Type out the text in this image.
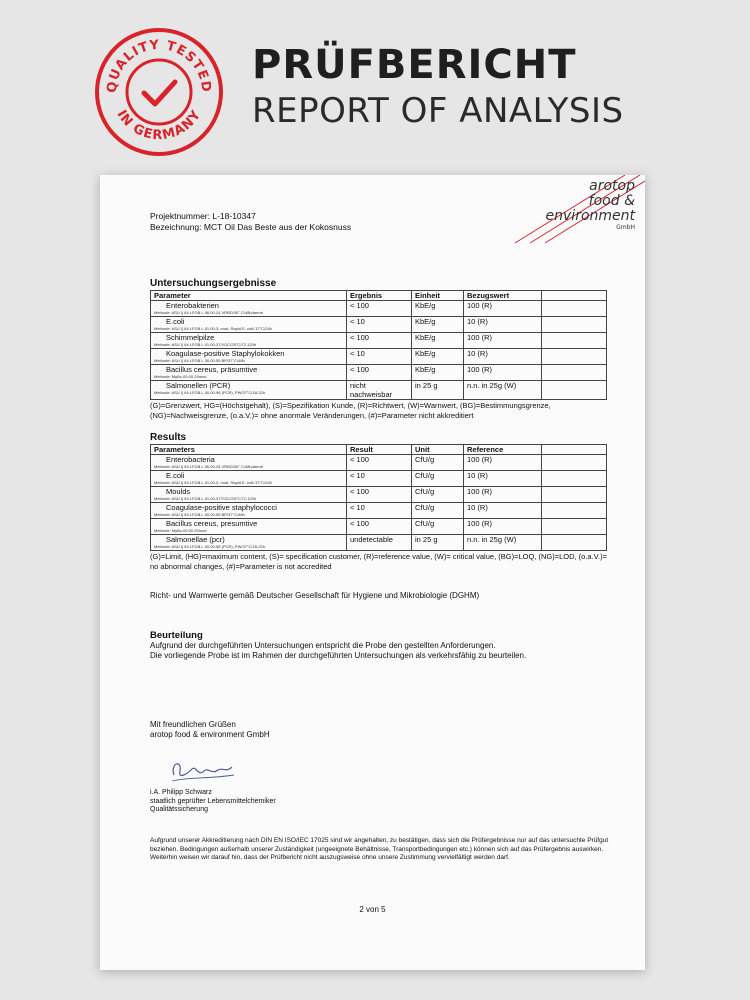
QUALITY TESTED
IN GERMANY
PRÜFBERICHT
REPORT OF ANALYSIS
arotop
food &
environment
GmbH
Projektnummer: L-18-10347
Bezeichnung: MCT Oil Das Beste aus der Kokosnuss
Untersuchungsergebnisse
Parameter	Ergebnis	Einheit	Bezugswert	

Enterobakterien
Methode: ASU § 64 LFGB L.06.00-24 VRBD/30° C/48h/aerob	< 100	KbE/g	100 (R)	

E.coli
Methode: ASU § 64 LFGB L.01.00-3, mod. Rapid E. coli/ 37°C/24h	< 10	KbE/g	10 (R)	

Schimmelpilze
Methode: ASU § 64 LFGB L.01.00-37/YGC/25°C/72-120h	< 100	KbE/g	100 (R)	

Koagulase-positive Staphylokokken
Methode: ASU § 64 LFGB L.00.00-55 BP/37°C/48h	< 10	KbE/g	10 (R)	

Bacillus cereus, präsumtive
Methode: MyBc-00.00.25mod	< 100	KbE/g	100 (R)	

Salmonellen (PCR)
Methode: ASU § 64 LFGB L.00.00-98 (PCR), PW/37°C/18-22h	nicht nachweisbar	in 25 g	n.n. in 25g (W)	
(G)=Grenzwert, HG=(Höchstgehalt), (S)=Spezifikation Kunde, (R)=Richtwert, (W)=Warnwert, (BG)=Bestimmungsgrenze, (NG)=Nachweisgrenze, (o.a.V.)= ohne anormale Veränderungen, (#)=Parameter nicht akkreditiert
Results
Parameters	Result	Unit	Reference	

Enterobacteria
Methode: ASU § 64 LFGB L.06.00-24 VRBD/30° C/48h/aerob	< 100	CfU/g	100 (R)	

E.coli
Methode: ASU § 64 LFGB L.01.00-3, mod. Rapid E. coli/ 37°C/24h	< 10	CfU/g	10 (R)	

Moulds
Methode: ASU § 64 LFGB L.01.00-37/YGC/25°C/72-120h	< 100	CfU/g	100 (R)	

Coagulase-positive staphylococci
Methode: ASU § 64 LFGB L.00.00-55 BP/37°C/48h	< 10	CfU/g	10 (R)	

Bacillus cereus, presumtive
Methode: MyBc-00.00.25mod	< 100	CfU/g	100 (R)	

Salmonellae (pcr)
Methode: ASU § 64 LFGB L.00.00-98 (PCR), PW/37°C/18-22h	undetectable	in 25 g	n.n. in 25g (W)	
(G)=Limit, (HG)=maximum content, (S)= specification customer, (R)=reference value, (W)= critical value, (BG)=LOQ, (NG)=LOD, (o.a.V.)= no abnormal changes, (#)=Parameter is not accredited
Richt- und Warnwerte gemäß Deutscher Gesellschaft für Hygiene und Mikrobiologie (DGHM)
Beurteilung
Aufgrund der durchgeführten Untersuchungen entspricht die Probe den gestellten Anforderungen.
Die vorliegende Probe ist im Rahmen der durchgeführten Untersuchungen als verkehrsfähig zu beurteilen.
Mit freundlichen Grüßen
arotop food & environment GmbH
i.A. Philipp Schwarz
staatlich geprüfter Lebensmittelchemiker
Qualitätssicherung
Aufgrund unserer Akkreditierung nach DIN EN ISO/IEC 17025 sind wir angehalten, zu bestätigen, dass sich die Prüfergebnisse nur auf das untersuchte Prüfgut beziehen. Bedingungen außerhalb unserer Zuständigkeit (ungeeignete Behältnisse, Transportbedingungen etc.) können sich auf das Prüfergebnis auswirken. Weiterhin weisen wir darauf hin, dass der Prüfbericht nicht auszugsweise ohne unsere Zustimmung vervielfältigt werden darf.
2 von 5
